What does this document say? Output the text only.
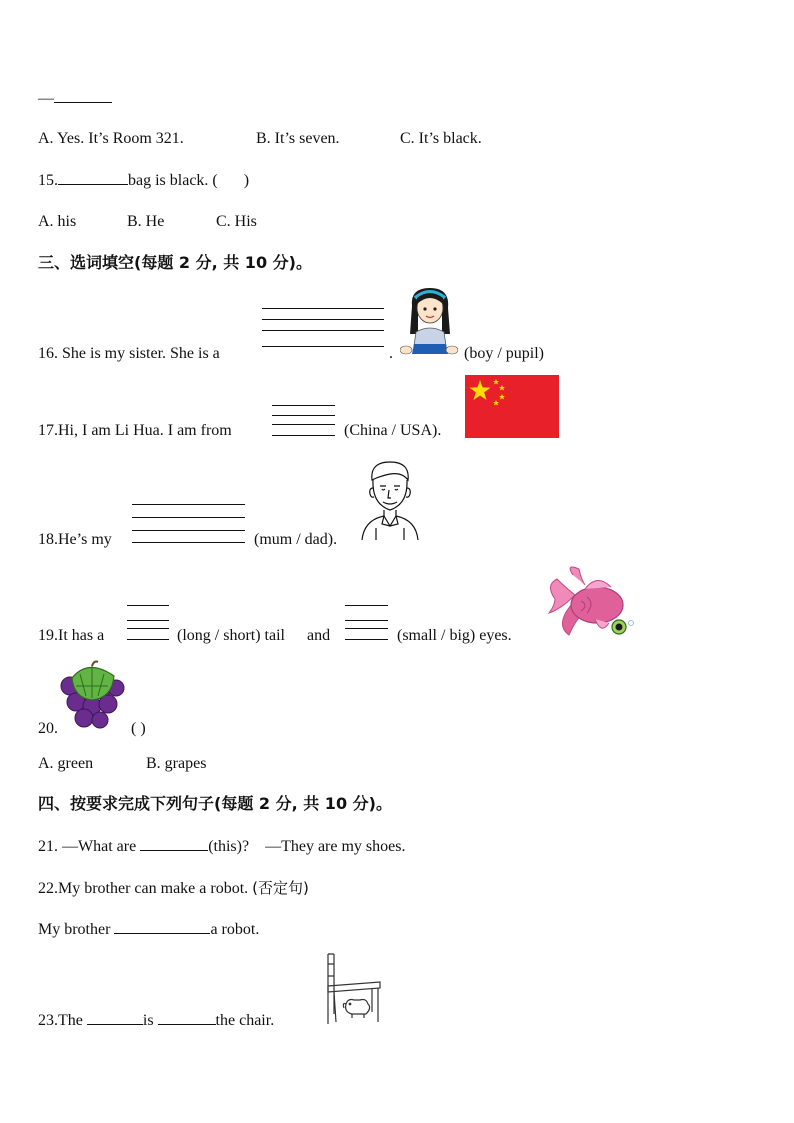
—
A. Yes. It’s Room 321.	B. It’s seven.	C. It’s black.
15.	bag is black. ( )
A. his	B. He	C. His
三、选词填空(每题 2 分, 共 10 分)。
16. She is my sister. She is a	.	(boy / pupil)
17.Hi, I am Li Hua. I am from	(China / USA).
18.He’s my	(mum / dad).
19.It has a	(long / short) tail and	(small / big) eyes.
20.	( )
A. green	B. grapes
四、按要求完成下列句子(每题 2 分, 共 10 分)。
21. —What are	(this)? —They are my shoes.
22.My brother can make a robot. (否定句)
My brother	a robot.
23.The	is	the chair.
